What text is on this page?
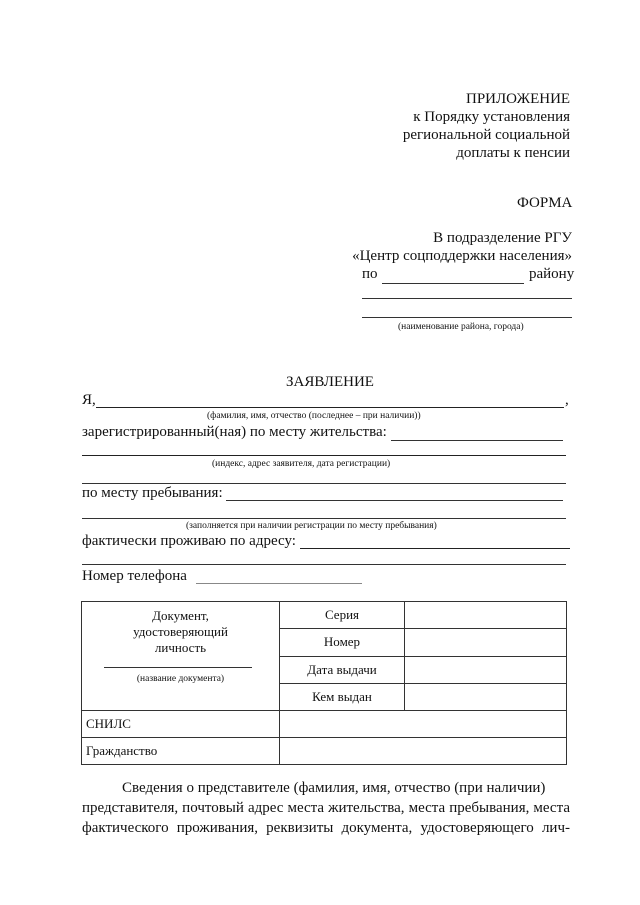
ПРИЛОЖЕНИЕ
к Порядку установления
региональной социальной
доплаты к пенсии
ФОРМА
В подразделение РГУ
«Центр соцподдержки населения»
по	району
(наименование района, города)
ЗАЯВЛЕНИЕ
Я,	,
(фамилия, имя, отчество (последнее – при наличии))
зарегистрированный(ная) по месту жительства:
(индекс, адрес заявителя, дата регистрации)
по месту пребывания:
(заполняется при наличии регистрации по месту пребывания)
фактически проживаю по адресу:
Номер телефона
Документ,
удостоверяющий
личность
(название документа)	Серия	
	Номер	
	Дата выдачи	
	Кем выдан	
СНИЛС		
Гражданство		
Сведения о представителе (фамилия, имя, отчество (при наличии)
представителя, почтовый адрес места жительства, места пребывания, места
фактического проживания, реквизиты документа, удостоверяющего лич-
